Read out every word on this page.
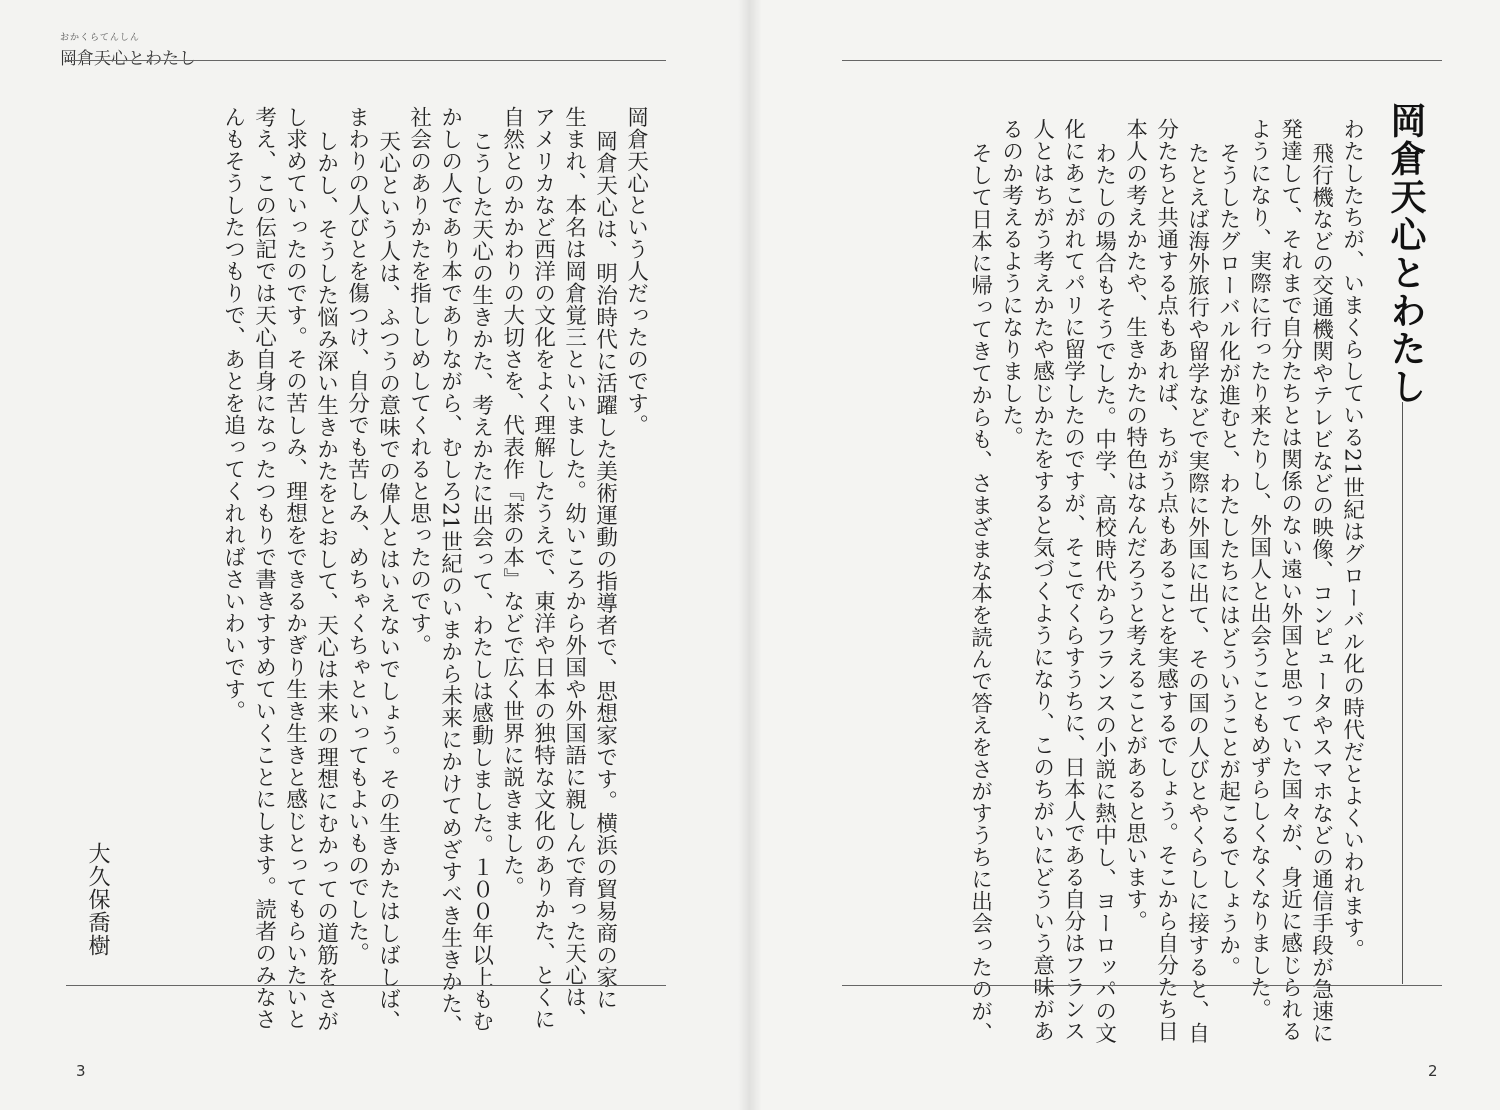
おかくらてんしん
岡倉天心とわたし
岡倉天心という人だったのです。
岡倉天心は、明治時代に活躍した美術運動の指導者で、思想家です。横浜の貿易商の家に
生まれ、本名は岡倉覚三といいました。幼いころから外国や外国語に親しんで育った天心は、
アメリカなど西洋の文化をよく理解したうえで、東洋や日本の独特な文化のありかた、とくに
自然とのかかわりの大切さを、代表作『茶の本』などで広く世界に説きました。
こうした天心の生きかた、考えかたに出会って、わたしは感動しました。１００年以上もむ
かしの人であり本でありながら、むしろ21世紀のいまから未来にかけてめざすべき生きかた、
社会のありかたを指ししめしてくれると思ったのです。
天心という人は、ふつうの意味での偉人とはいえないでしょう。その生きかたはしばしば、
まわりの人びとを傷つけ、自分でも苦しみ、めちゃくちゃといってもよいものでした。
しかし、そうした悩み深い生きかたをとおして、天心は未来の理想にむかっての道筋をさが
し求めていったのです。その苦しみ、理想をできるかぎり生き生きと感じとってもらいたいと
考え、この伝記では天心自身になったつもりで書きすすめていくことにします。読者のみなさ
んもそうしたつもりで、あとを追ってくれればさいわいです。
大久保喬樹
3
岡倉天心とわたし
わたしたちが、いまくらしている21世紀はグローバル化の時代だとよくいわれます。
飛行機などの交通機関やテレビなどの映像、コンピュータやスマホなどの通信手段が急速に
発達して、それまで自分たちとは関係のない遠い外国と思っていた国々が、身近に感じられる
ようになり、実際に行ったり来たりし、外国人と出会うこともめずらしくなくなりました。
そうしたグローバル化が進むと、わたしたちにはどういうことが起こるでしょうか。
たとえば海外旅行や留学などで実際に外国に出て、その国の人びとやくらしに接すると、自
分たちと共通する点もあれば、ちがう点もあることを実感するでしょう。そこから自分たち日
本人の考えかたや、生きかたの特色はなんだろうと考えることがあると思います。
わたしの場合もそうでした。中学、高校時代からフランスの小説に熱中し、ヨーロッパの文
化にあこがれてパリに留学したのですが、そこでくらすうちに、日本人である自分はフランス
人とはちがう考えかたや感じかたをすると気づくようになり、このちがいにどういう意味があ
るのか考えるようになりました。
そして日本に帰ってきてからも、さまざまな本を読んで答えをさがすうちに出会ったのが、
2
